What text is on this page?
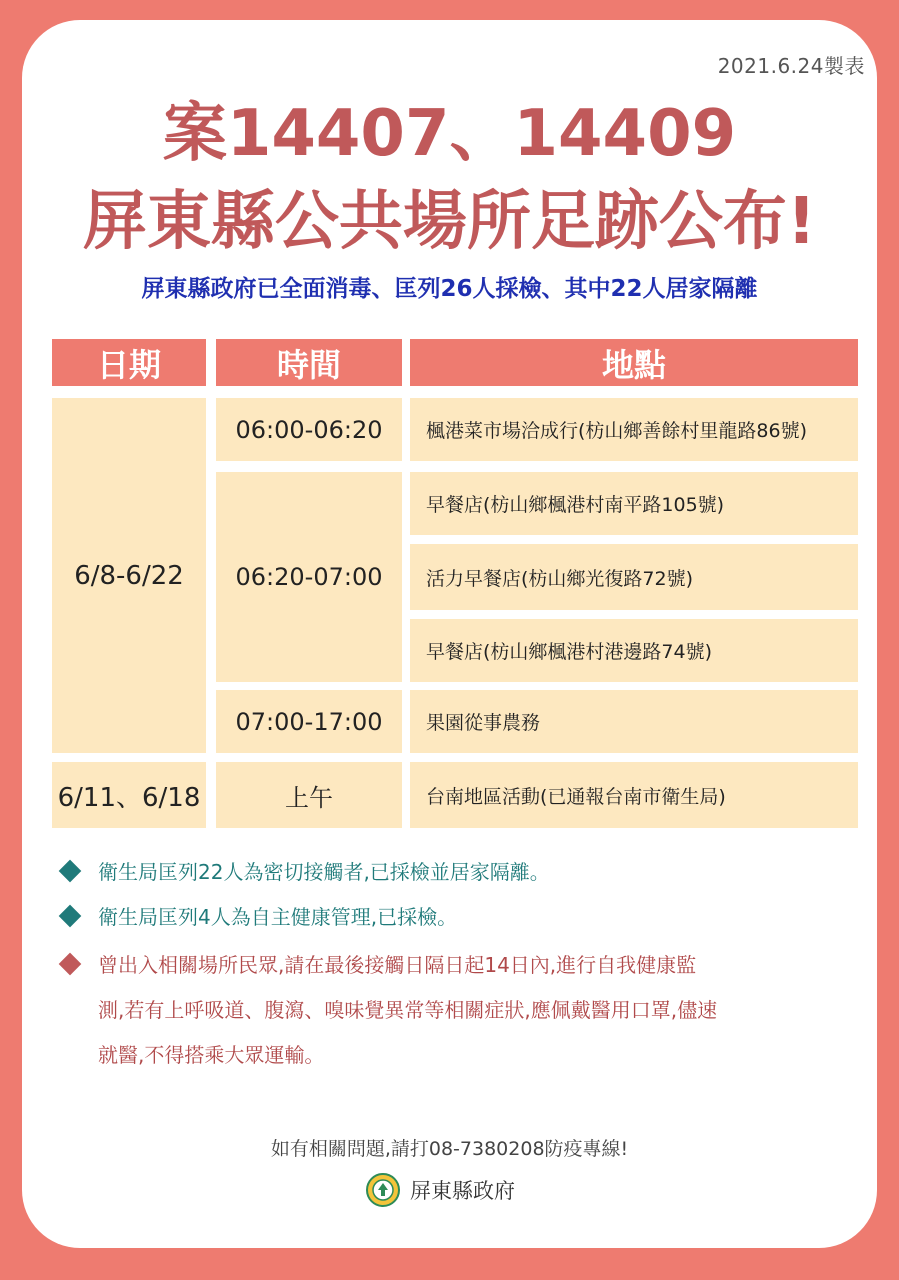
2021.6.24製表
案14407、14409
屏東縣公共場所足跡公布!
屏東縣政府已全面消毒、匡列26人採檢、其中22人居家隔離
日期	時間	地點
6/8-6/22
6/11、6/18
06:00-06:20
06:20-07:00
07:00-17:00
上午
楓港菜市場洽成行(枋山鄉善餘村里龍路86號)
早餐店(枋山鄉楓港村南平路105號)
活力早餐店(枋山鄉光復路72號)
早餐店(枋山鄉楓港村港邊路74號)
果園從事農務
台南地區活動(已通報台南市衛生局)
衛生局匡列22人為密切接觸者,已採檢並居家隔離。
衛生局匡列4人為自主健康管理,已採檢。
曾出入相關場所民眾,請在最後接觸日隔日起14日內,進行自我健康監
測,若有上呼吸道、腹瀉、嗅味覺異常等相關症狀,應佩戴醫用口罩,儘速
就醫,不得搭乘大眾運輸。
如有相關問題,請打08-7380208防疫專線!
屏東縣政府
